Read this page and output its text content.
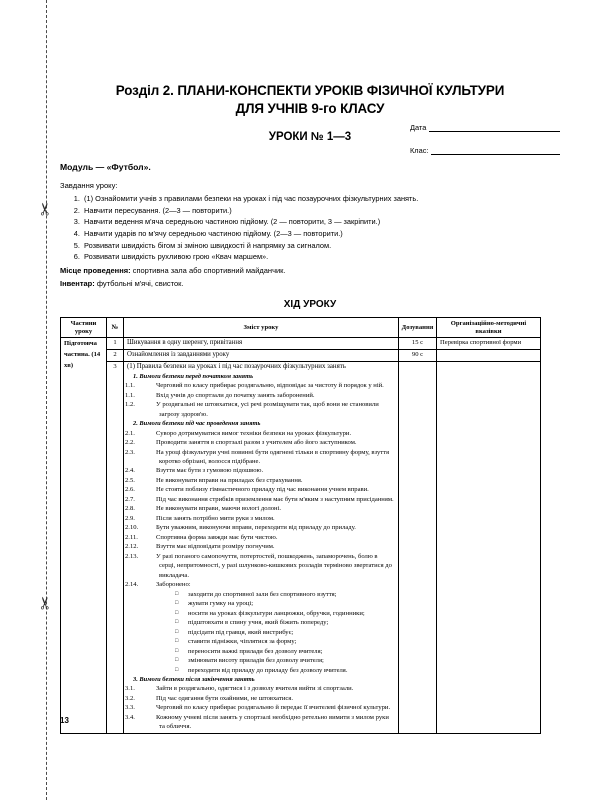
✂
✂
Розділ 2. ПЛАНИ-КОНСПЕКТИ УРОКІВ ФІЗИЧНОЇ КУЛЬТУРИ
ДЛЯ УЧНІВ 9-го КЛАСУ
УРОКИ № 1—3
Дата
Клас:
Модуль — «Футбол».
Завдання уроку:
1. (1) Ознайомити учнів з правилами безпеки на уроках і під час позаурочних фізкультурних занять.
2. Навчити пересування. (2—3 — повторити.)
3. Навчити ведення м'яча середньою частиною підйому. (2 — повторити, 3 — закріпити.)
4. Навчити ударів по м'ячу середньою частиною підйому. (2—3 — повторити.)
5. Розвивати швидкість бігом зі зміною швидкості й напрямку за сигналом.
6. Розвивати швидкість рухливою грою «Квач маршем».
Місце проведення: спортивна зала або спортивний майданчик.
Інвентар: футбольні м'ячі, свисток.
ХІД УРОКУ
Частини уроку	№	Зміст уроку	Дозування	Організаційно-методичні вказівки
Підготовча частина. (14 хв)	1	Шикування в одну шеренгу, привітання	15 с	Перевірка спортивної форми
	2	Ознайомлення із завданнями уроку	90 с	
3	(1) Правила безпеки на уроках і під час позаурочних фізкультурних занять
1. Вимоги безпеки перед початком занять
1.1.	Черговий по класу прибирає роздягальню, відповідає за чистоту й порядок у ній.
1.1.	Вхід учнів до спортзали до початку занять заборонений.
1.2.	У роздягальні не штовхатися, усі речі розміщувати так, щоб вони не становили загрозу здоров'ю.
2. Вимоги безпеки під час проведення занять
2.1.	Суворо дотримуватися вимог техніки безпеки на уроках фізкультури.
2.2.	Проводити заняття в спортзалі разом з учителем або його заступником.
2.3.	На уроці фізкультури учні повинні бути одягнені тільки в спортивну форму, взуття коротко обрізані, волосся підібране.
2.4.	Взуття має бути з гумовою підошвою.
2.5.	Не виконувати вправи на приладах без страхування.
2.6.	Не стояти поблизу гімнастичного приладу під час виконання учнем вправи.
2.7.	Під час виконання стрибків приземлення має бути м'яким з наступним присіданням.
2.8.	Не виконувати вправи, маючи вологі долоні.
2.9.	Після занять потрібно мити руки з милом.
2.10.	Бути уважним, виконуючи вправи, переходити від приладу до приладу.
2.11.	Спортивна форма завжди має бути чистою.
2.12.	Взуття має відповідати розміру погнучим.
2.13.	У разі поганого самопочуття, потертостей, пошкоджень, запаморочень, болю в серці, непритомності, у разі шлунково-кишкових розладів терміново звертатися до викладача.
2.14.	Заборонено:
□ заходити до спортивної зали без спортивного взуття;
□ жувати гумку на уроці;
□ носити на уроках фізкультури ланцюжки, обручки, годинники;
□ підштовхати в спину учня, який біжить попереду;
□ підсідати під гравця, який вистрибує;
□ ставити підніжки, чіплятися за форму;
□ переносити важкі прилади без дозволу вчителя;
□ змінювати висоту приладів без дозволу вчителя;
□ переходити від приладу до приладу без дозволу вчителя.
3. Вимоги безпеки після закінчення занять
3.1.	Зайти в роздягальню, одягтися і з дозволу вчителя вийти зі спортзали.
3.2.	Під час одягання бути охайними, не штовхатися.
3.3.	Черговий по класу прибирає роздягальню й передає її вчителеві фізичної культури.
3.4.	Кожному учневі після занять у спортзалі необхідно ретельно вимити з милом руки та обличчя.

13
